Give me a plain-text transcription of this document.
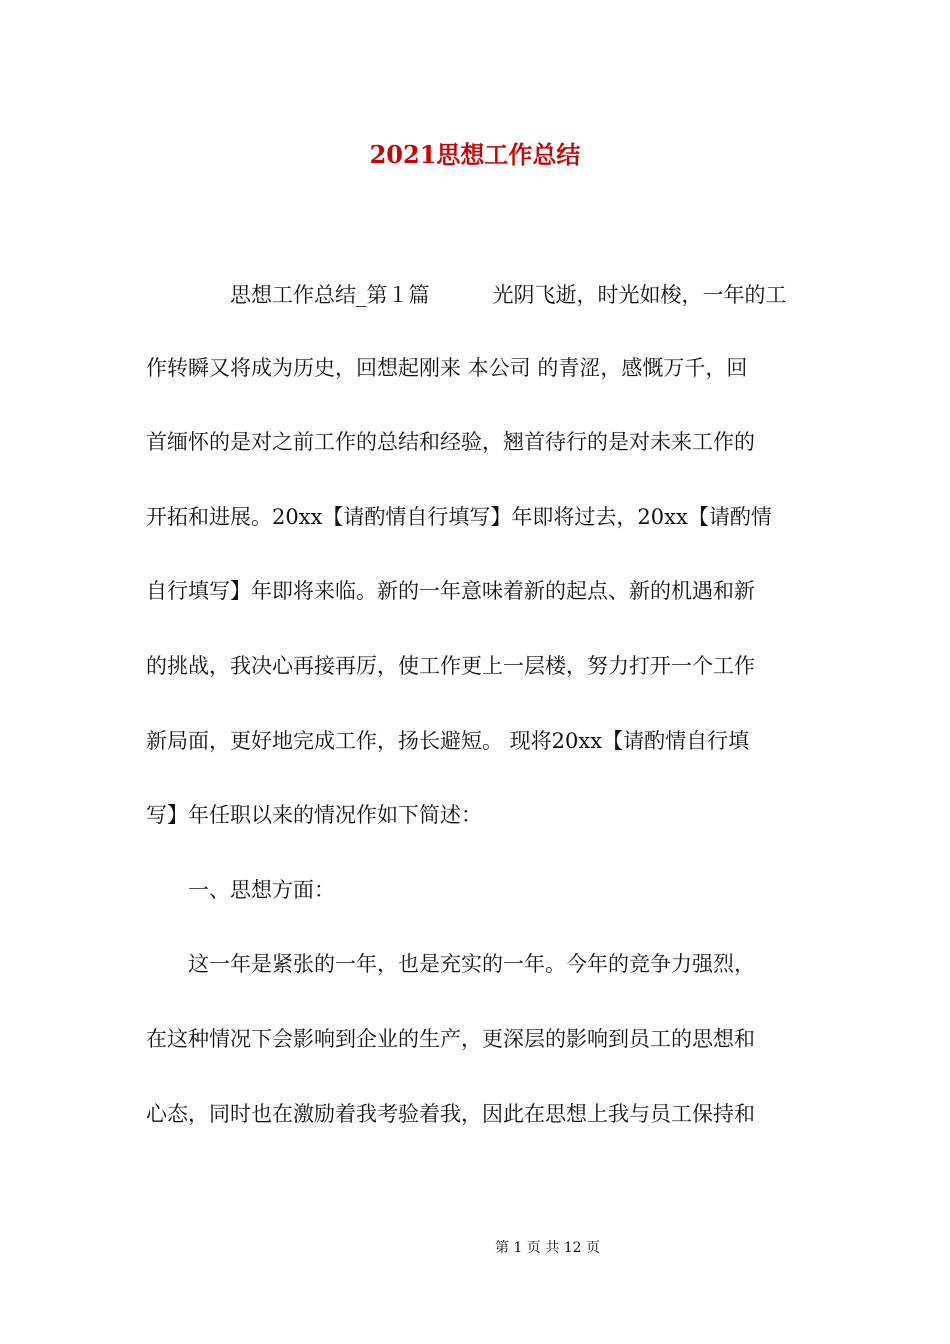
2021思想工作总结
　　　　思想工作总结_第１篇　　　光阴飞逝，时光如梭，一年的工
作转瞬又将成为历史，回想起刚来 本公司 的青涩，感慨万千，回
首缅怀的是对之前工作的总结和经验，翘首待行的是对未来工作的
开拓和进展。20xx【请酌情自行填写】年即将过去，20xx【请酌情
自行填写】年即将来临。新的一年意味着新的起点、新的机遇和新
的挑战，我决心再接再厉，使工作更上一层楼，努力打开一个工作
新局面，更好地完成工作，扬长避短。 现将20xx【请酌情自行填
写】年任职以来的情况作如下简述：
　　一、思想方面：
　　这一年是紧张的一年，也是充实的一年。今年的竞争力强烈，
在这种情况下会影响到企业的生产，更深层的影响到员工的思想和
心态，同时也在激励着我考验着我，因此在思想上我与员工保持和
第 1 页 共 12 页
